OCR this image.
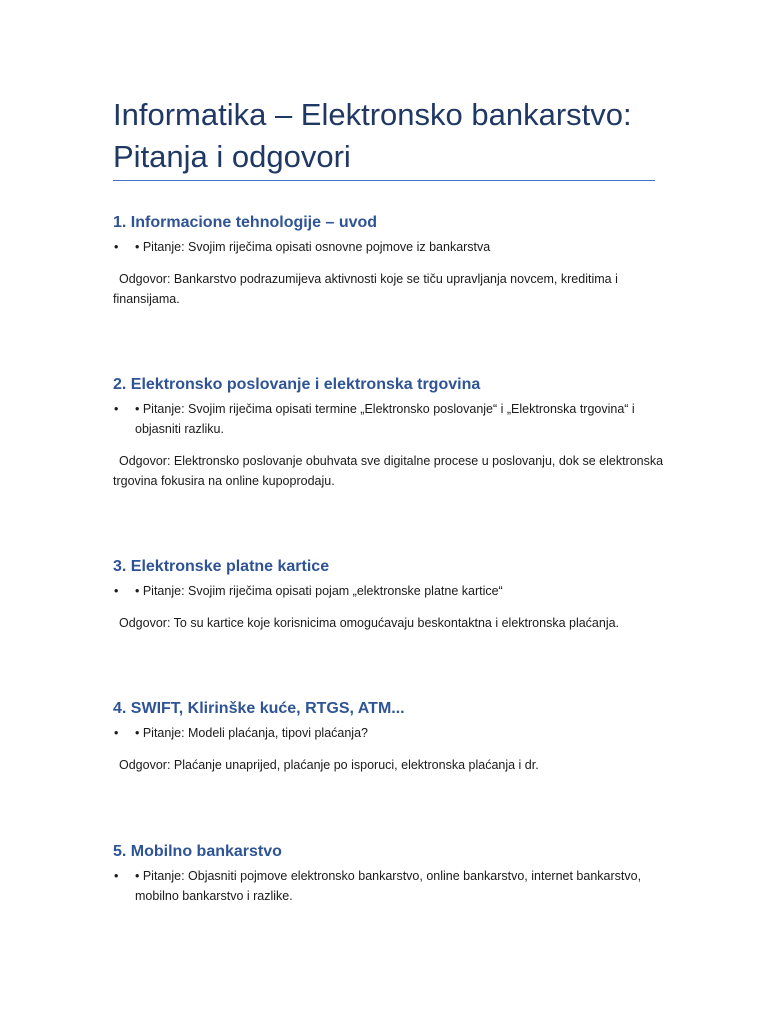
Informatika – Elektronsko bankarstvo:
Pitanja i odgovori
1. Informacione tehnologije – uvod
• • Pitanje: Svojim riječima opisati osnovne pojmove iz bankarstva
Odgovor: Bankarstvo podrazumijeva aktivnosti koje se tiču upravljanja novcem, kreditima i finansijama.
2. Elektronsko poslovanje i elektronska trgovina
• • Pitanje: Svojim riječima opisati termine „Elektronsko poslovanje“ i „Elektronska trgovina“ i objasniti razliku.
Odgovor: Elektronsko poslovanje obuhvata sve digitalne procese u poslovanju, dok se elektronska trgovina fokusira na online kupoprodaju.
3. Elektronske platne kartice
• • Pitanje: Svojim riječima opisati pojam „elektronske platne kartice“
Odgovor: To su kartice koje korisnicima omogućavaju beskontaktna i elektronska plaćanja.
4. SWIFT, Klirinške kuće, RTGS, ATM...
• • Pitanje: Modeli plaćanja, tipovi plaćanja?
Odgovor: Plaćanje unaprijed, plaćanje po isporuci, elektronska plaćanja i dr.
5. Mobilno bankarstvo
• • Pitanje: Objasniti pojmove elektronsko bankarstvo, online bankarstvo, internet bankarstvo, mobilno bankarstvo i razlike.
